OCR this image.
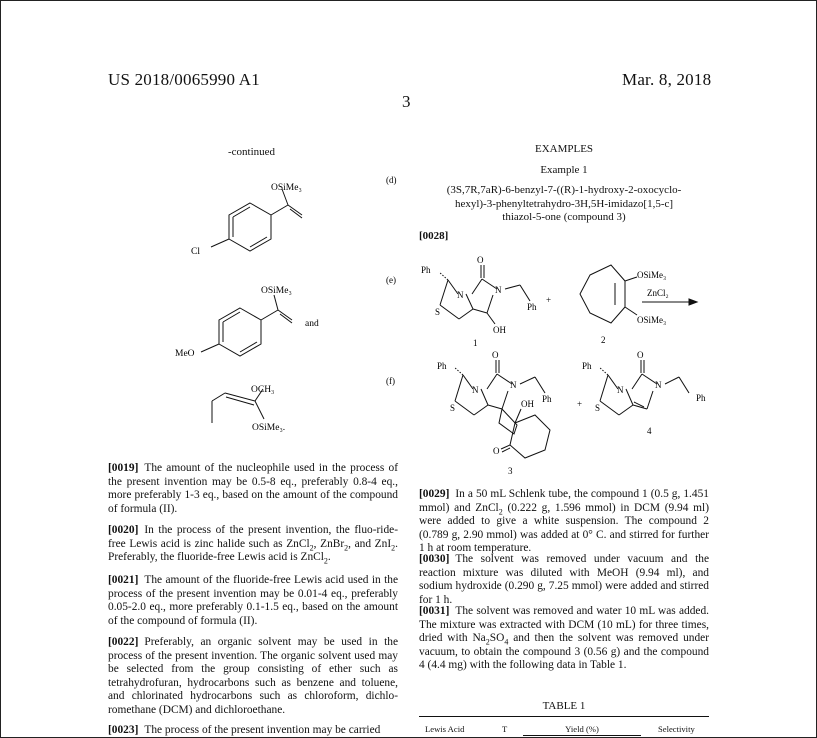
US 2018/0065990 A1	Mar. 8, 2018
3
-continued
OSiMe₃
Cl
OSiMe₃
MeO
and
OCH₃
OSiMe₃.
(d)
(e)
(f)
[0019] The amount of the nucleophile used in the process of the present invention may be 0.5-8 eq., preferably 0.8-4 eq., more preferably 1-3 eq., based on the amount of the compound of formula (II).
[0020] In the process of the present invention, the fluo-ride-free Lewis acid is zinc halide such as ZnCl$_2$, ZnBr$_2$, and ZnI$_2$. Preferably, the fluoride-free Lewis acid is ZnCl$_2$.
[0021] The amount of the fluoride-free Lewis acid used in the process of the present invention may be 0.01-4 eq., preferably 0.05-2.0 eq., more preferably 0.1-1.5 eq., based on the amount of the compound of formula (II).
[0022] Preferably, an organic solvent may be used in the process of the present invention. The organic solvent used may be selected from the group consisting of ether such as tetrahydrofuran, hydrocarbons such as benzene and toluene, and chlorinated hydrocarbons such as chloroform, dichlo-romethane (DCM) and dichloroethane.
[0023] The process of the present invention may be carried
EXAMPLES
Example 1
(3S,7R,7aR)-6-benzyl-7-((R)-1-hydroxy-2-oxocyclo-
hexyl)-3-phenyltetrahydro-3H,5H-imidazo[1,5-c]
thiazol-5-one (compound 3)
[0028]
Ph
N	N
O
S
OH
Ph
1
+
OSiMe₃
OSiMe₃
2
ZnCl₂
Ph
N	N
O
S	OH Ph
O
3
+
Ph
N	N
O
S
Ph
4
[0029] In a 50 mL Schlenk tube, the compound 1 (0.5 g, 1.451 mmol) and ZnCl$_2$ (0.222 g, 1.596 mmol) in DCM (9.94 ml) were added to give a white suspension. The compound 2 (0.789 g, 2.90 mmol) was added at 0° C. and stirred for further 1 h at room temperature.
[0030] The solvent was removed under vacuum and the reaction mixture was diluted with MeOH (9.94 ml), and sodium hydroxide (0.290 g, 7.25 mmol) were added and stirred for 1 h.
[0031] The solvent was removed and water 10 mL was added. The mixture was extracted with DCM (10 mL) for three times, dried with $Na_2SO_4$ and then the solvent was removed under vacuum, to obtain the compound 3 (0.56 g) and the compound 4 (4.4 mg) with the following data in Table 1.
TABLE 1
Lewis Acid	T	Yield (%)	Selectivity
